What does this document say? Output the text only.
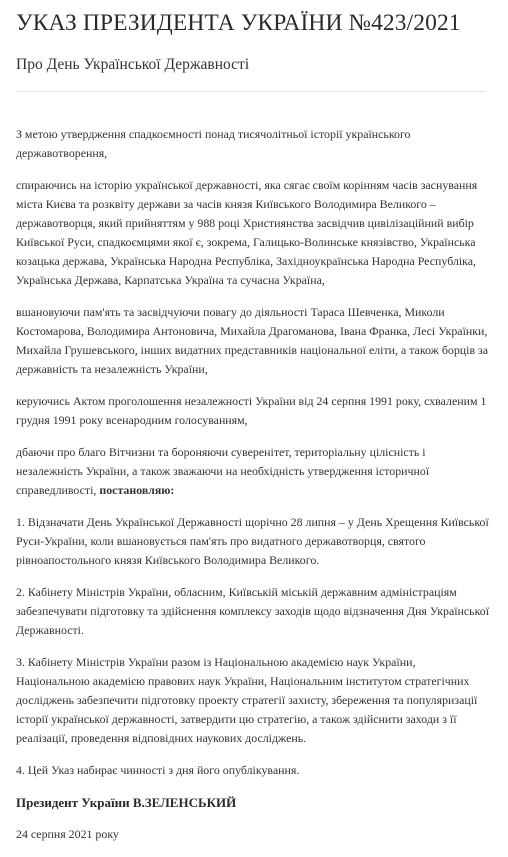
УКАЗ ПРЕЗИДЕНТА УКРАЇНИ №423/2021
Про День Української Державності

З метою утвердження спадкоємності понад тисячолітньої історії українського державотворення,

спираючись на історію української державності, яка сягає своїм корінням часів заснування міста Києва та розквіту держави за часів князя Київського Володимира Великого – державотворця, який прийняттям у 988 році Християнства засвідчив цивілізаційний вибір Київської Руси, спадкоємцями якої є, зокрема, Галицько-Волинське князівство, Українська козацька держава, Українська Народна Республіка, Західноукраїнська Народна Республіка, Українська Держава, Карпатська Україна та сучасна Україна,

вшановуючи пам'ять та засвідчуючи повагу до діяльності Тараса Шевченка, Миколи Костомарова, Володимира Антоновича, Михайла Драгоманова, Івана Франка, Лесі Українки, Михайла Грушевського, інших видатних представників національної еліти, а також борців за державність та незалежність України,

керуючись Актом проголошення незалежності України від 24 серпня 1991 року, схваленим 1 грудня 1991 року всенародним голосуванням,

дбаючи про благо Вітчизни та бороняючи суверенітет, територіальну цілісність і незалежність України, а також зважаючи на необхідність утвердження історичної справедливості, постановляю:

1. Відзначати День Української Державності щорічно 28 липня – у День Хрещення Київської Руси-України, коли вшановується пам'ять про видатного державотворця, святого рівноапостольного князя Київського Володимира Великого.

2. Кабінету Міністрів України, обласним, Київській міській державним адміністраціям забезпечувати підготовку та здійснення комплексу заходів щодо відзначення Дня Української Державності.

3. Кабінету Міністрів України разом із Національною академією наук України, Національною академією правових наук України, Національним інститутом стратегічних досліджень забезпечити підготовку проекту стратегії захисту, збереження та популяризації історії української державності, затвердити цю стратегію, а також здійснити заходи з її реалізації, проведення відповідних наукових досліджень.

4. Цей Указ набирає чинності з дня його опублікування.

Президент України В.ЗЕЛЕНСЬКИЙ

24 серпня 2021 року
